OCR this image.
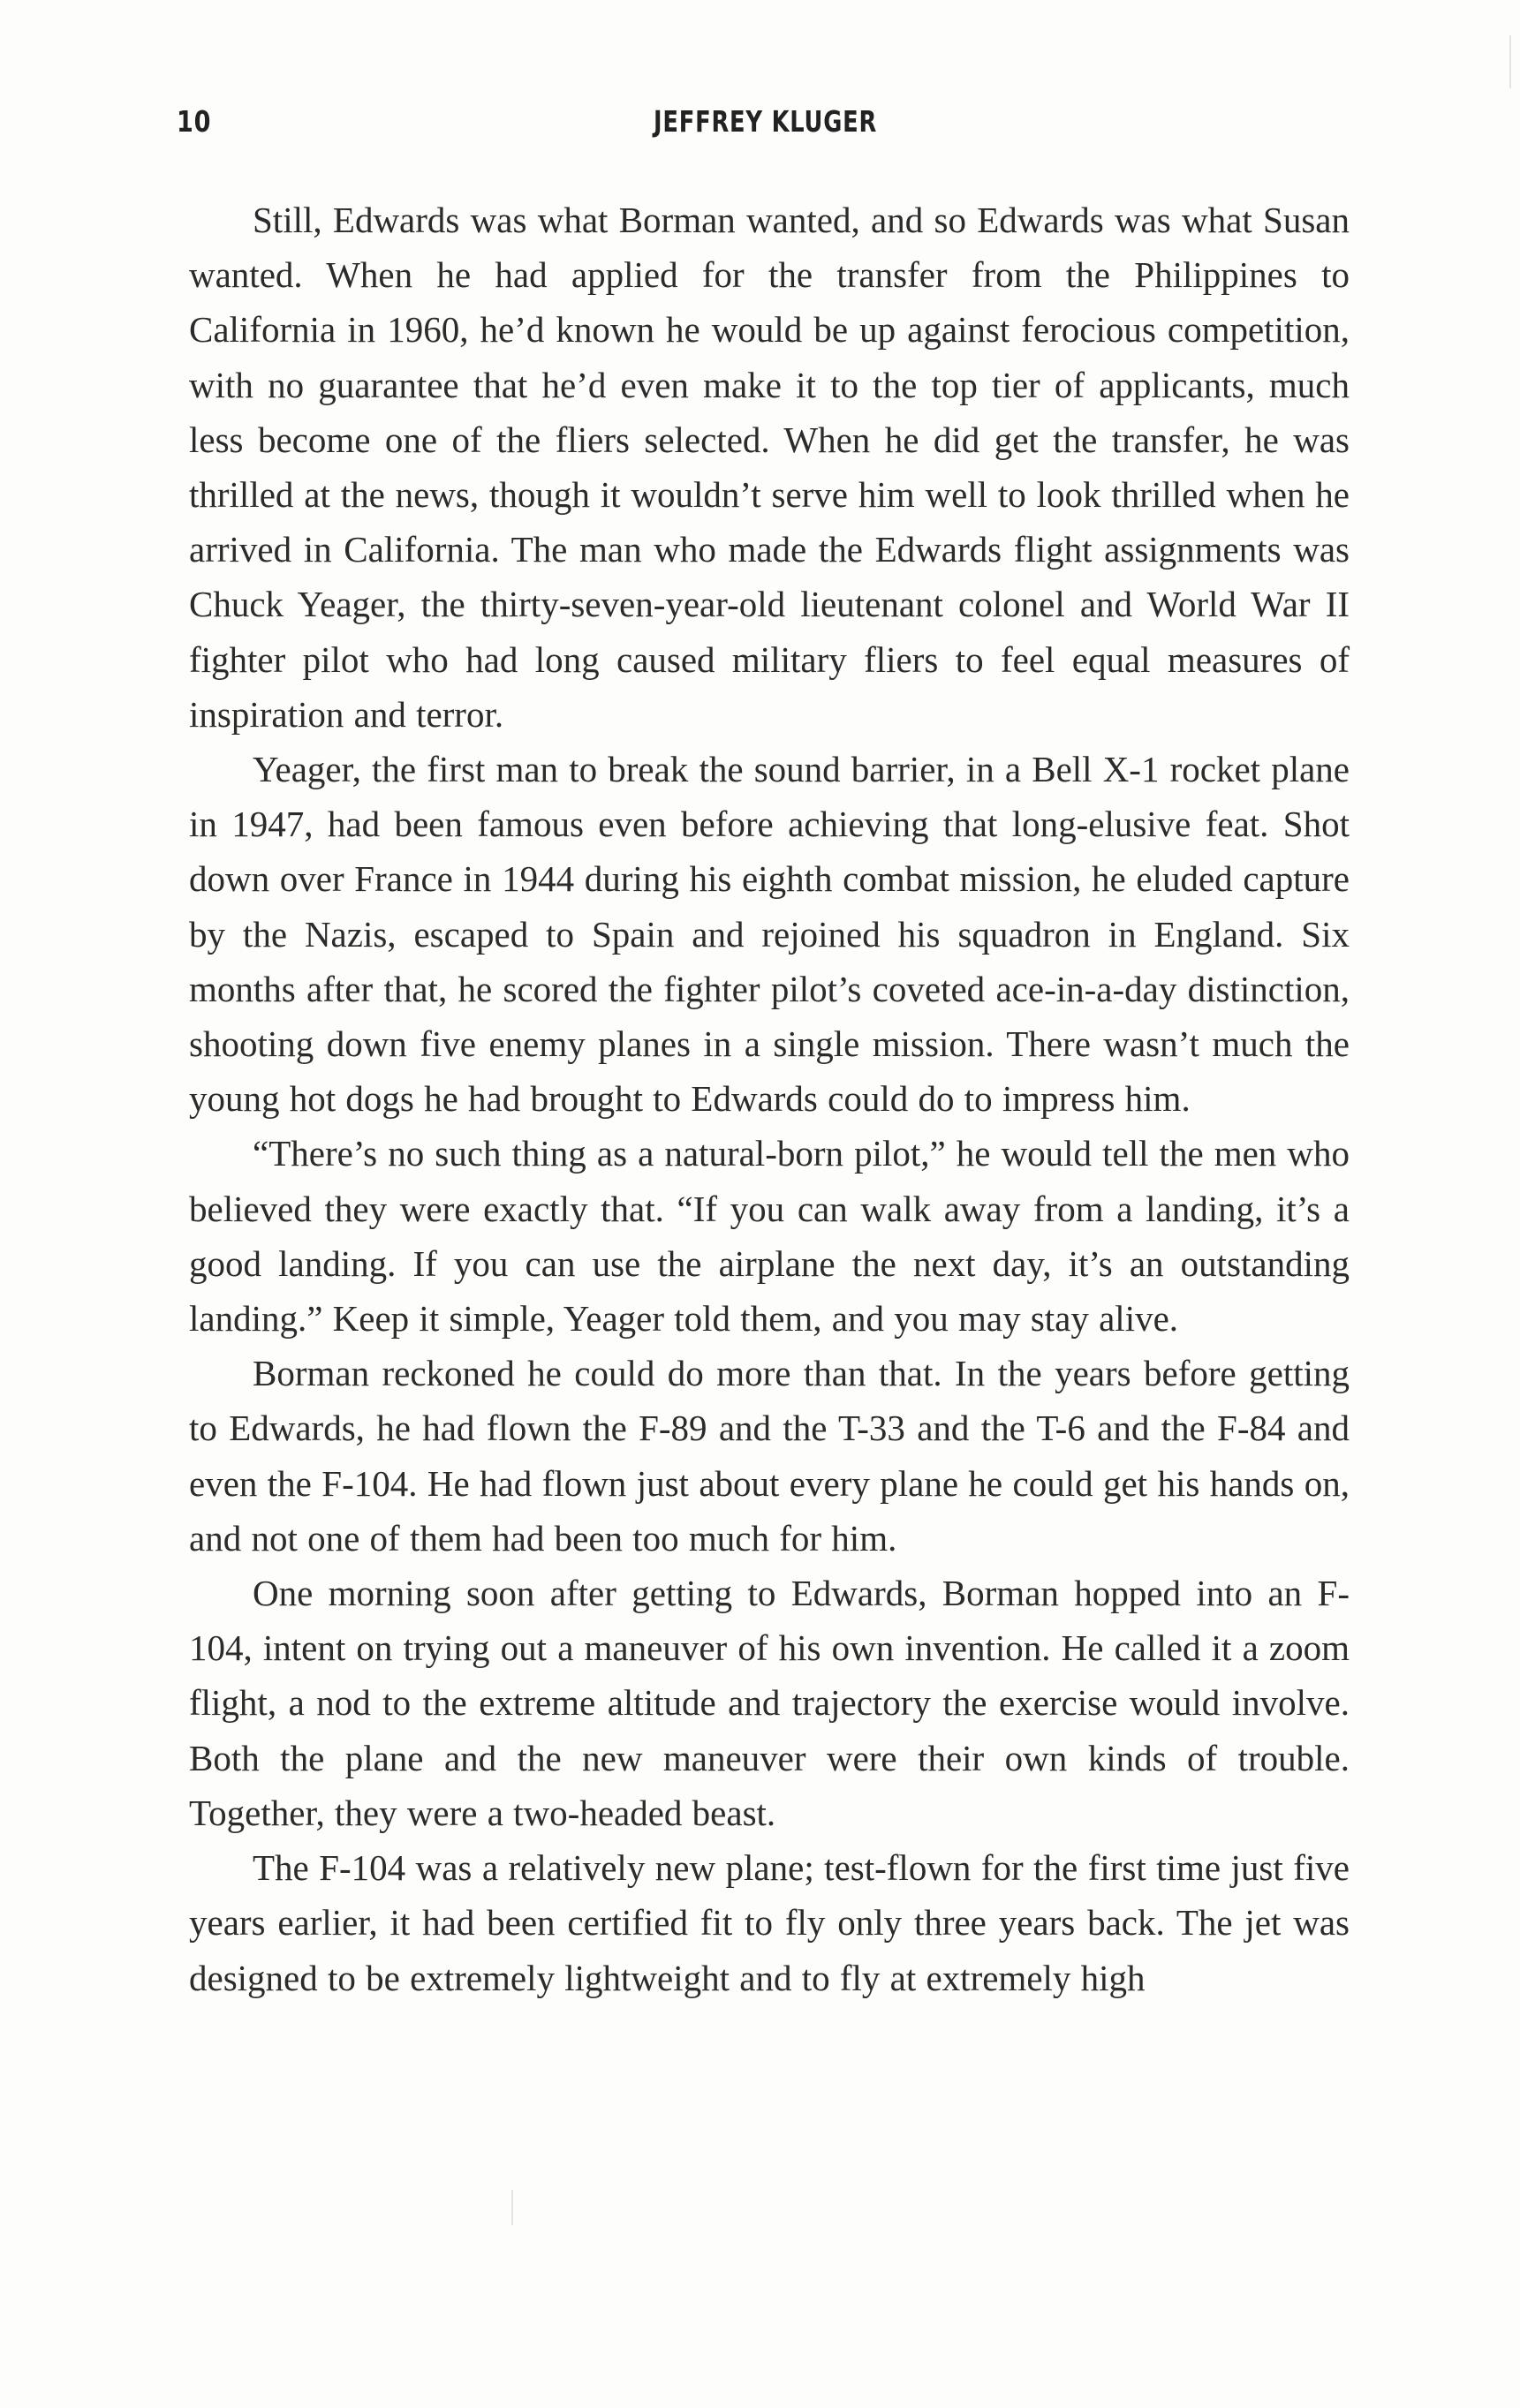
10	JEFFREY KLUGER

Still, Edwards was what Borman wanted, and so Edwards was what Susan wanted. When he had applied for the transfer from the Philippines to California in 1960, he’d known he would be up against ferocious competition, with no guarantee that he’d even make it to the top tier of applicants, much less become one of the fliers selected. When he did get the transfer, he was thrilled at the news, though it wouldn’t serve him well to look thrilled when he arrived in California. The man who made the Edwards flight assignments was Chuck Yeager, the thirty-seven-year-old lieutenant colonel and World War II fighter pilot who had long caused military fliers to feel equal measures of inspiration and terror.

Yeager, the first man to break the sound barrier, in a Bell X-1 rocket plane in 1947, had been famous even before achieving that long-elusive feat. Shot down over France in 1944 during his eighth combat mission, he eluded capture by the Nazis, escaped to Spain and rejoined his squadron in England. Six months after that, he scored the fighter pilot’s coveted ace-in-a-day distinction, shooting down five enemy planes in a single mission. There wasn’t much the young hot dogs he had brought to Edwards could do to impress him.

“There’s no such thing as a natural-born pilot,” he would tell the men who believed they were exactly that. “If you can walk away from a landing, it’s a good landing. If you can use the airplane the next day, it’s an outstanding landing.” Keep it simple, Yeager told them, and you may stay alive.

Borman reckoned he could do more than that. In the years before getting to Edwards, he had flown the F-89 and the T-33 and the T-6 and the F-84 and even the F-104. He had flown just about every plane he could get his hands on, and not one of them had been too much for him.

One morning soon after getting to Edwards, Borman hopped into an F-104, intent on trying out a maneuver of his own invention. He called it a zoom flight, a nod to the extreme altitude and trajectory the exercise would involve. Both the plane and the new maneuver were their own kinds of trouble. Together, they were a two-headed beast.

The F-104 was a relatively new plane; test-flown for the first time just five years earlier, it had been certified fit to fly only three years back. The jet was designed to be extremely lightweight and to fly at extremely high
